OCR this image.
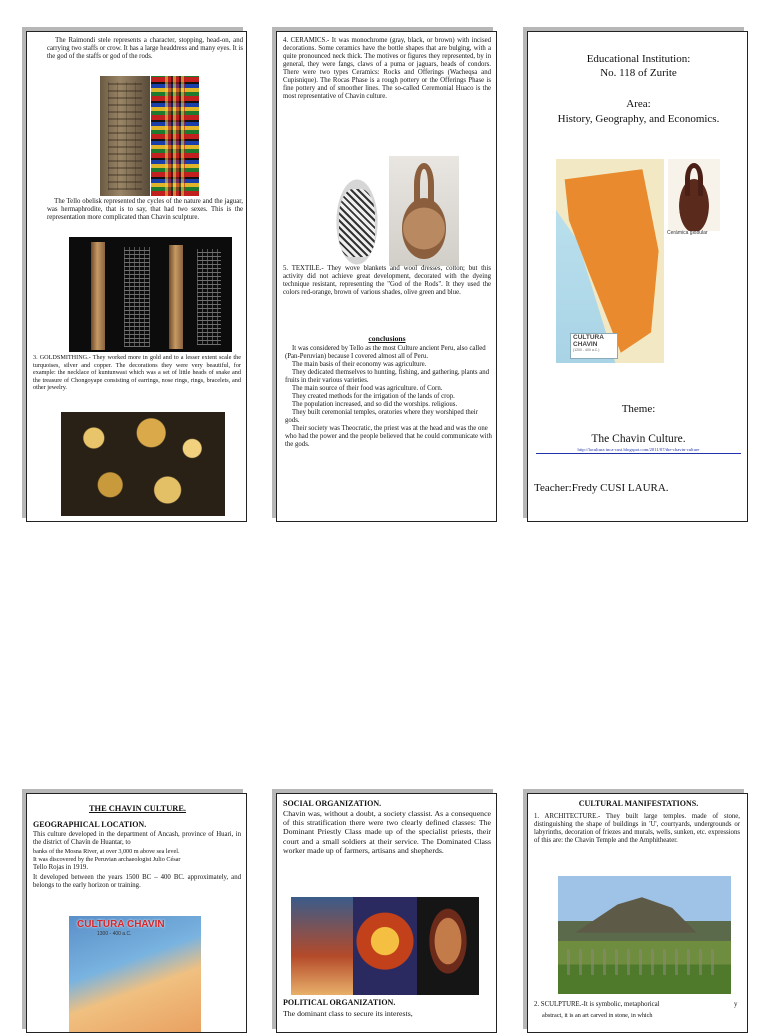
The Raimondi stele represents a character, stopping, head-on, and carrying two staffs or crow. It has a large headdress and many eyes. It is the god of the staffs or god of the rods.
The Tello obelisk represented the cycles of the nature and the jaguar, was hermaphrodite, that is to say, that had two sexes. This is the representation more complicated than Chavin sculpture.
3. GOLDSMITHING.- They worked more in gold and to a lesser extent scale the turquoises, silver and copper. The decorations they were very beautiful, for example: the necklace of kuntunwasi which was a set of little heads of snake and the treasure of Chongoyape consisting of earrings, nose rings, rings, bracelets, and other jewelry.
4. CERAMICS.- It was monochrome (gray, black, or brown) with incised decorations. Some ceramics have the bottle shapes that are bulging, with a quite pronounced neck thick. The motives or figures they represented, by in general, they were fangs, claws of a puma or jaguars, heads of condors. There were two types Ceramics: Rocks and Offerings (Wacheqsa and Cupisnique). The Rocas Phase is a rough pottery or the Offerings Phase is fine pottery and of smoother lines. The so-called Ceremonial Huaco is the most representative of Chavin culture.
5. TEXTILE.- They wove blankets and wool dresses, cotton; but this activity did not achieve great development, decorated with the dyeing technique resistant, representing the "God of the Rods". It they used the colors red-orange, brown of various shades, olive green and blue.
conclusions
It was considered by Tello as the most Culture ancient Peru, also called (Pan-Peruvian) because I covered almost all of Peru.
The main basis of their economy was agriculture.
They dedicated themselves to hunting, fishing, and gathering, plants and fruits in their various varieties.
The main source of their food was agriculture. of Corn.
They created methods for the irrigation of the lands of crop.
The population increased, and so did the worships. religious.
They built ceremonial temples, oratories where they worshiped their gods.
Their society was Theocratic, the priest was at the head and was the one who had the power and the people believed that he could communicate with the gods.
Educational Institution:
No. 118 of Zurite
Area:
History, Geography, and Economics.
CULTURA
CHAVIN
(1200 - 400 a.C.)
Cerámica globular
Theme:
The Chavin Culture.
http://lacultura inca-cusi.blogspot.com/2011/07/the-chavin-culture
Teacher:Fredy CUSI LAURA.
THE CHAVIN CULTURE.
GEOGRAPHICAL LOCATION.
This culture developed in the department of Ancash, province of Huari, in the district of Chavín de Huantar, to
banks of the Mosna River, at over 3,000 m above sea level.
It was discovered by the Peruvian archaeologist Julio César
Tello Rojas in 1919.
It developed between the years 1500 BC – 400 BC. approximately, and belongs to the early horizon or training.
CULTURA CHAVIN
1300 - 400 a.C.
SOCIAL ORGANIZATION.
Chavin was, without a doubt, a society classist. As a consequence of this stratification there were two clearly defined classes: The Dominant Priestly Class made up of the specialist priests, their court and a small soldiers at their service. The Dominated Class worker made up of farmers, artisans and shepherds.
POLITICAL ORGANIZATION.
The dominant class to secure its interests,
CULTURAL MANIFESTATIONS.
1. ARCHITECTURE.- They built large temples. made of stone, distinguishing the shape of buildings in 'U', courtyards, undergrounds or labyrinths, decoration of friezes and murals, wells, sunken, etc. expressions of this are: the Chavin Temple and the Amphitheater.
2. SCULPTURE.-It is symbolic, metaphorical	y
abstract, it is an art carved in stone, in which
